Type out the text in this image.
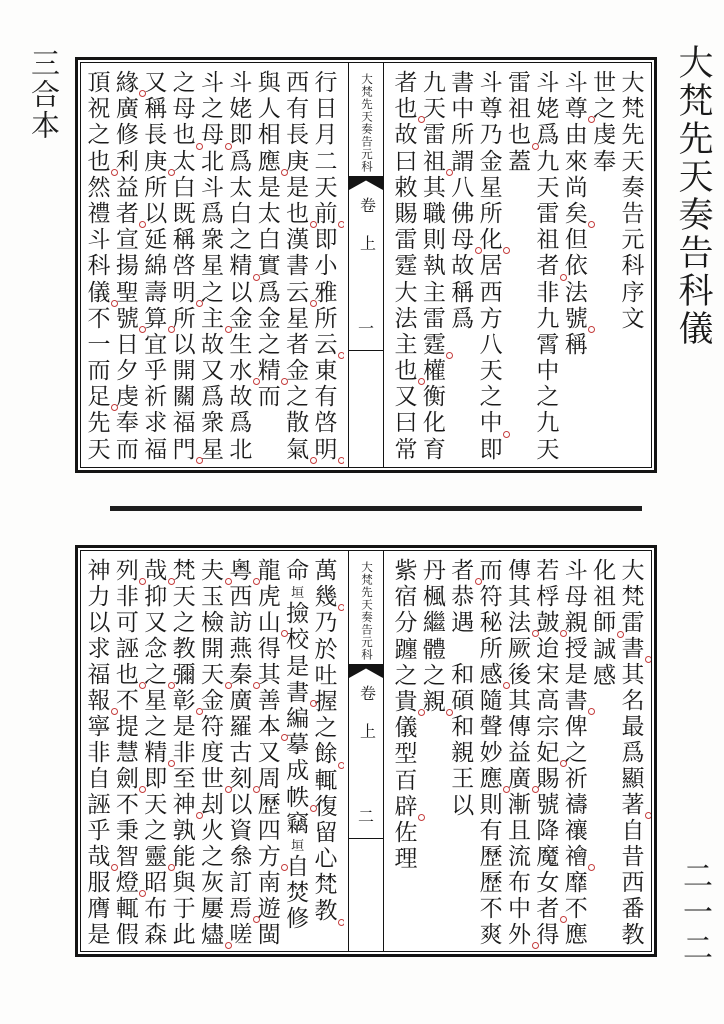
三合本	大梵先天奏告科儀
二一二
行
日
月
二
天
前
即
小
雅
所
云
東
有
啓
明
西
有
長
庚
是
也
漢
書
云
星
者
金
之
散
氣
與
人
相
應
是
太
白
實
爲
金
之
精
而
斗
姥
即
爲
太
白
之
精
以
金
生
水
故
爲
北
斗
之
母
北
斗
爲
衆
星
之
主
故
又
爲
衆
星
之
母
也
太
白
既
稱
啓
明
所
以
開
關
福
門
又
稱
長
庚
所
以
延
綿
壽
算
宜
乎
祈
求
福
緣
廣
修
利
益
者
宣
揚
聖
號
日
夕
虔
奉
而
頂
祝
之
也
然
禮
斗
科
儀
不
一
而
足
先
天
大梵先天奏告元科
卷上
一
大
梵
先
天
奏
告
元
科
序
文
世
之
虔
奉
斗
尊
由
來
尚
矣
但
依
法
號
稱
斗
姥
爲
九
天
雷
祖
者
非
九
霄
中
之
九
天
雷
祖
也
蓋
斗
尊
乃
金
星
所
化
居
西
方
八
天
之
中
即
書
中
所
謂
八
佛
母
故
稱
爲
九
天
雷
祖
其
職
則
執
主
雷
霆
權
衡
化
育
者
也
故
曰
敕
賜
雷
霆
大
法
主
也
又
曰
常
萬
幾
乃
於
吐
握
之
餘
輒
復
留
心
梵
教
命
垣
撿
校
是
書
編
摹
成
帙
竊
垣
自
焚
修
龍
虎
山
得
其
善
本
又
周
歷
四
方
南
遊
閩
粵
西
訪
燕
秦
廣
羅
古
刻
以
資
叅
訂
焉
嗟
夫
玉
檢
開
天
金
符
度
世
刦
火
之
灰
屢
燼
梵
天
之
教
彌
彰
是
非
至
神
孰
能
與
于
此
哉
抑
又
念
之
星
之
精
即
天
之
靈
昭
布
森
列
非
可
誣
也
不
提
慧
劍
不
秉
智
燈
輒
假
神
力
以
求
福
報
寧
非
自
誣
乎
哉
服
膺
是
大梵先天奏告元科
卷上
二
大
梵
雷
書
其
名
最
爲
顯
著
自
昔
西
番
教
化
祖
師
誠
感
斗
母
親
授
是
書
俾
之
祈
禱
禳
禬
靡
不
應
若
桴
皷
迨
宋
高
宗
妃
賜
號
降
魔
女
者
得
傳
其
法
厥
後
其
傳
益
廣
漸
且
流
布
中
外
而
符
秘
所
感
隨
聲
妙
應
則
有
歷
歷
不
爽
者
恭
遇
和
碩
和
親
王
以
丹
楓
繼
體
之
親
紫
宿
分
躔
之
貴
儀
型
百
辟
佐
理
